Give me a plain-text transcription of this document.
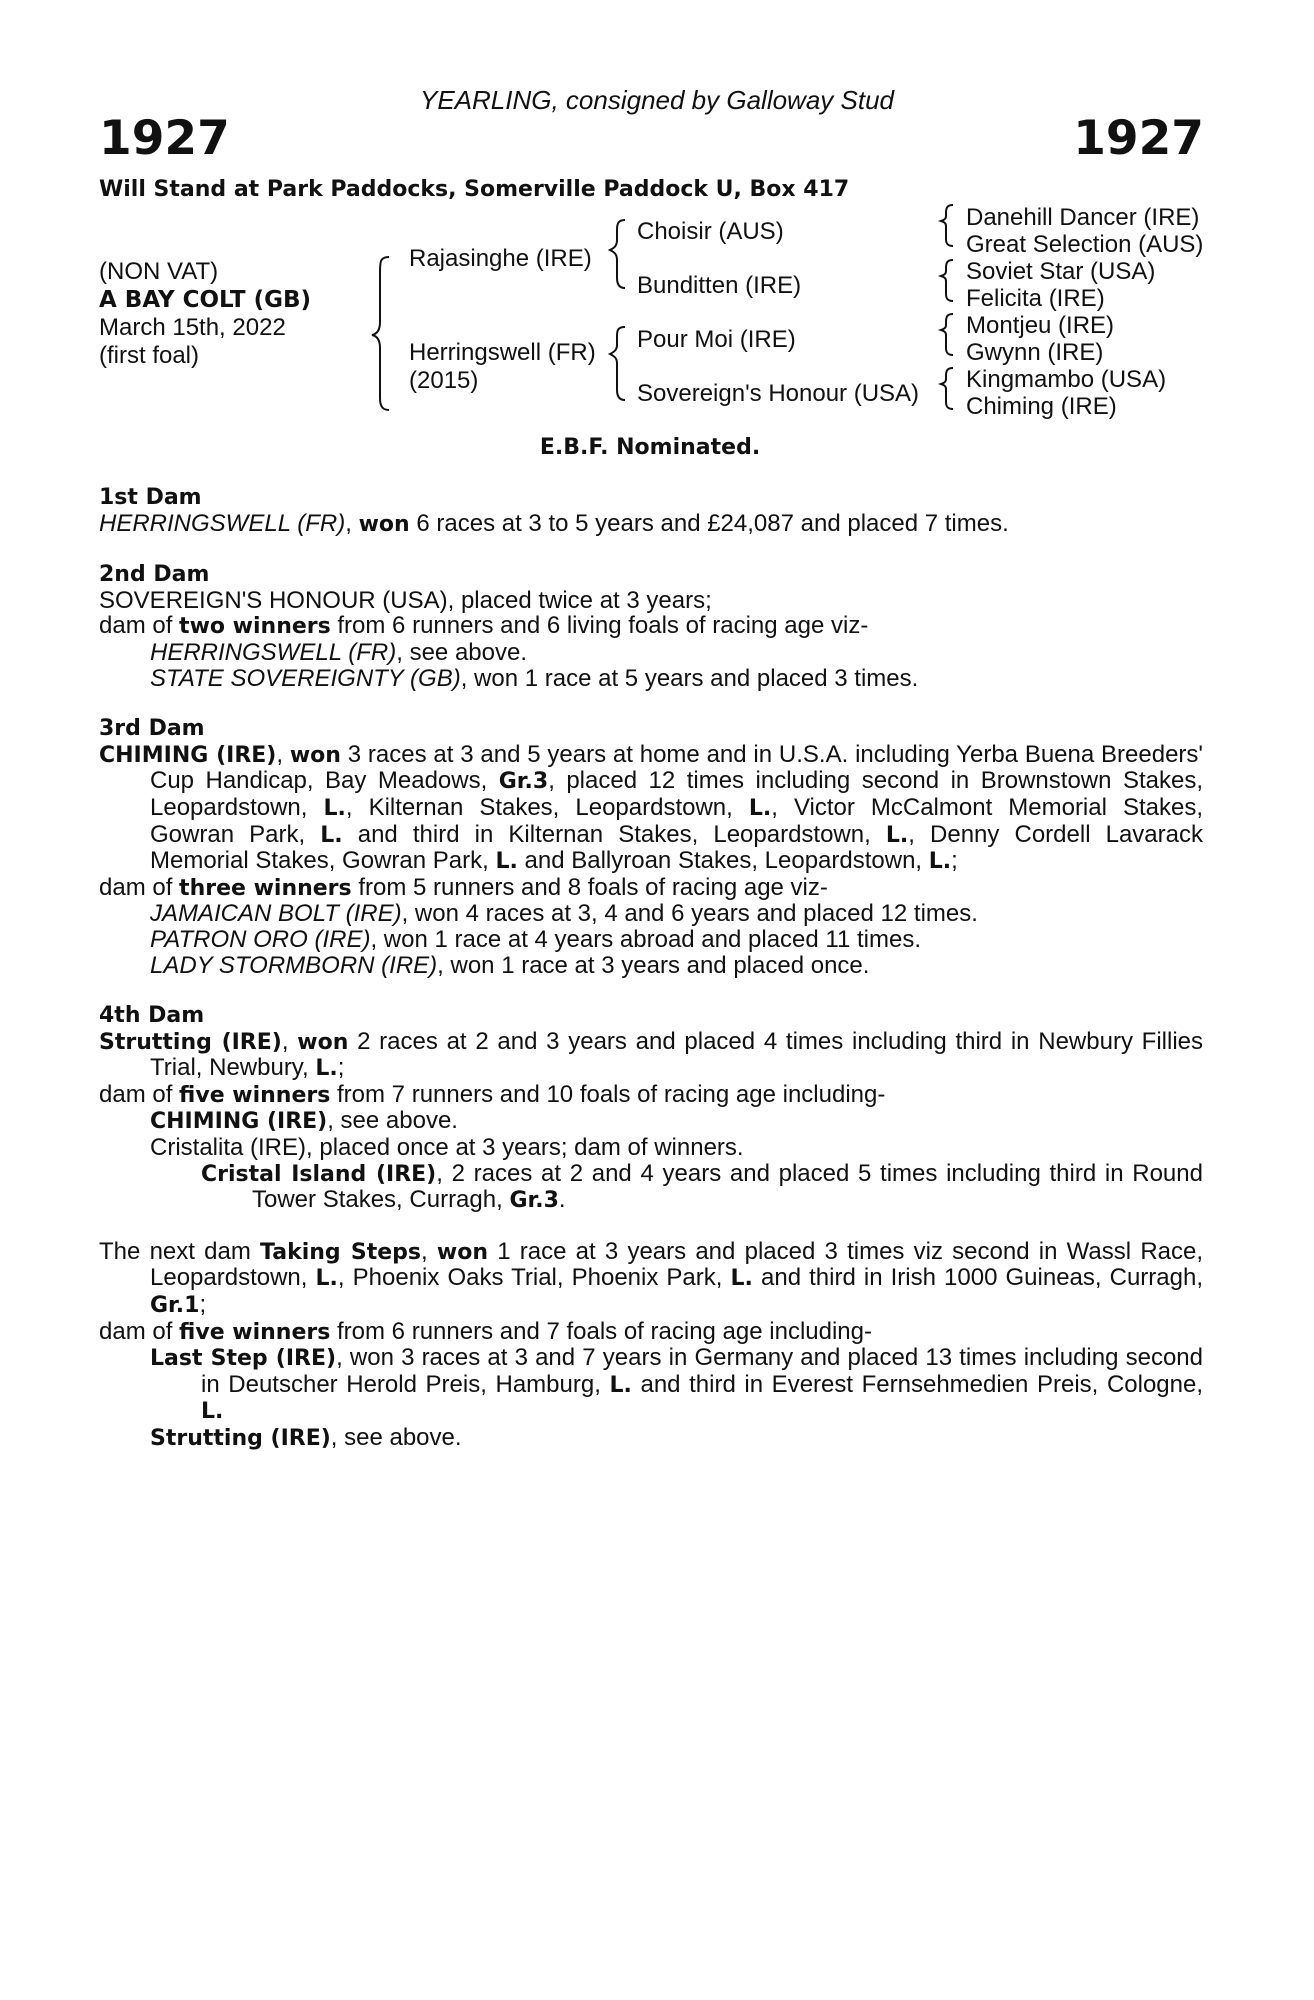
YEARLING, consigned by Galloway Stud
1927	1927
Will Stand at Park Paddocks, Somerville Paddock U, Box 417
(NON VAT)
A BAY COLT (GB)
March 15th, 2022
(first foal)
Rajasinghe (IRE)
Herringswell (FR)
(2015)
Choisir (AUS)
Bunditten (IRE)
Pour Moi (IRE)
Sovereign's Honour (USA)
Danehill Dancer (IRE)
Great Selection (AUS)
Soviet Star (USA)
Felicita (IRE)
Montjeu (IRE)
Gwynn (IRE)
Kingmambo (USA)
Chiming (IRE)
E.B.F. Nominated.

1st Dam

HERRINGSWELL (FR), won 6 races at 3 to 5 years and £24,087 and placed 7 times.

2nd Dam

SOVEREIGN'S HONOUR (USA), placed twice at 3 years;

dam of two winners from 6 runners and 6 living foals of racing age viz-

HERRINGSWELL (FR), see above.

STATE SOVEREIGNTY (GB), won 1 race at 5 years and placed 3 times.

3rd Dam

CHIMING (IRE), won 3 races at 3 and 5 years at home and in U.S.A. including Yerba Buena Breeders' Cup Handicap, Bay Meadows, Gr.3, placed 12 times including second in Brownstown Stakes, Leopardstown, L., Kilternan Stakes, Leopardstown, L., Victor McCalmont Memorial Stakes, Gowran Park, L. and third in Kilternan Stakes, Leopardstown, L., Denny Cordell Lavarack Memorial Stakes, Gowran Park, L. and Ballyroan Stakes, Leopardstown, L.;

dam of three winners from 5 runners and 8 foals of racing age viz-

JAMAICAN BOLT (IRE), won 4 races at 3, 4 and 6 years and placed 12 times.

PATRON ORO (IRE), won 1 race at 4 years abroad and placed 11 times.

LADY STORMBORN (IRE), won 1 race at 3 years and placed once.

4th Dam

Strutting (IRE), won 2 races at 2 and 3 years and placed 4 times including third in Newbury Fillies Trial, Newbury, L.;

dam of five winners from 7 runners and 10 foals of racing age including-

CHIMING (IRE), see above.

Cristalita (IRE), placed once at 3 years; dam of winners.

Cristal Island (IRE), 2 races at 2 and 4 years and placed 5 times including third in Round Tower Stakes, Curragh, Gr.3.

The next dam Taking Steps, won 1 race at 3 years and placed 3 times viz second in Wassl Race, Leopardstown, L., Phoenix Oaks Trial, Phoenix Park, L. and third in Irish 1000 Guineas, Curragh, Gr.1;

dam of five winners from 6 runners and 7 foals of racing age including-

Last Step (IRE), won 3 races at 3 and 7 years in Germany and placed 13 times including second in Deutscher Herold Preis, Hamburg, L. and third in Everest Fernsehmedien Preis, Cologne, L.

Strutting (IRE), see above.
